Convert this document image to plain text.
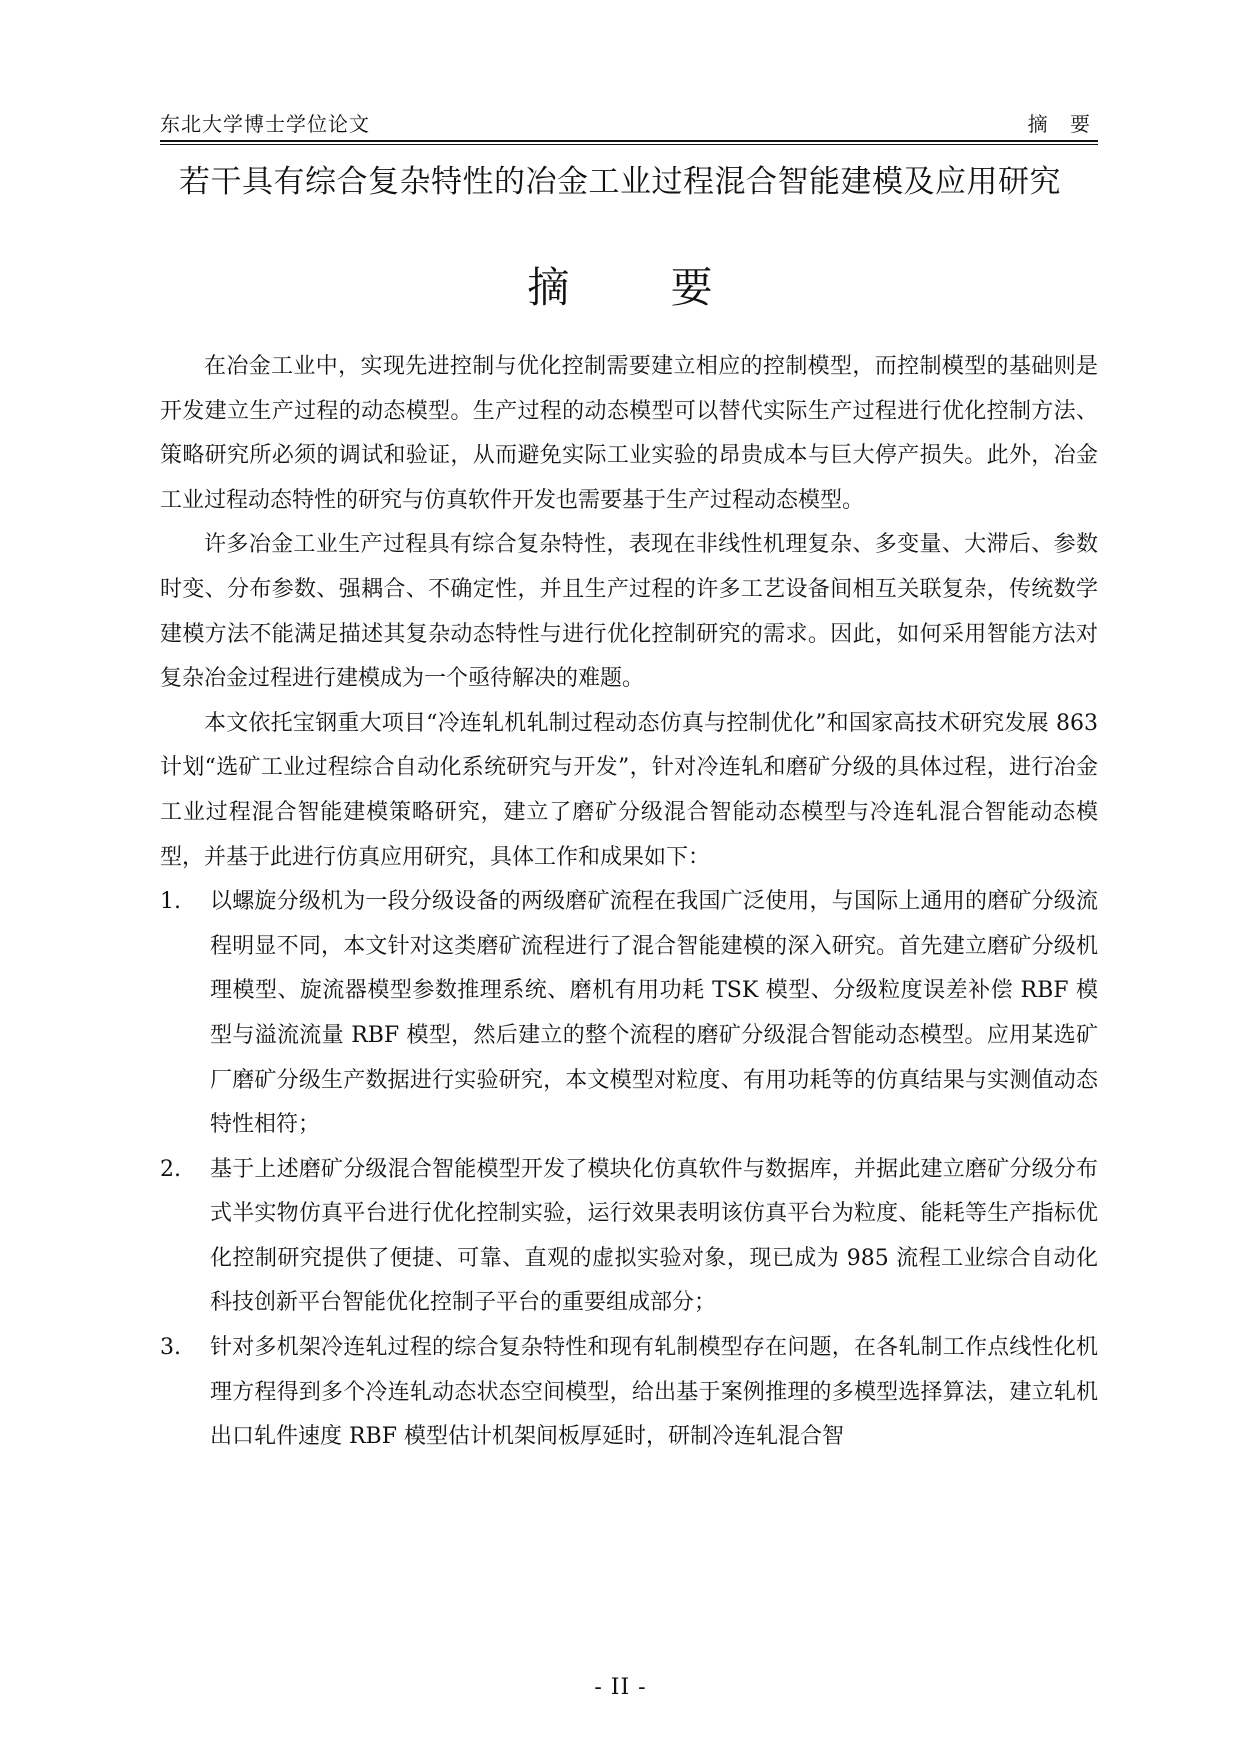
东北大学博士学位论文	摘 要
若干具有综合复杂特性的冶金工业过程混合智能建模及应用研究
摘 要

在冶金工业中，实现先进控制与优化控制需要建立相应的控制模型，而控制模型的基础则是开发建立生产过程的动态模型。生产过程的动态模型可以替代实际生产过程进行优化控制方法、策略研究所必须的调试和验证，从而避免实际工业实验的昂贵成本与巨大停产损失。此外，冶金工业过程动态特性的研究与仿真软件开发也需要基于生产过程动态模型。

许多冶金工业生产过程具有综合复杂特性，表现在非线性机理复杂、多变量、大滞后、参数时变、分布参数、强耦合、不确定性，并且生产过程的许多工艺设备间相互关联复杂，传统数学建模方法不能满足描述其复杂动态特性与进行优化控制研究的需求。因此，如何采用智能方法对复杂冶金过程进行建模成为一个亟待解决的难题。

本文依托宝钢重大项目“冷连轧机轧制过程动态仿真与控制优化”和国家高技术研究发展 863 计划“选矿工业过程综合自动化系统研究与开发”，针对冷连轧和磨矿分级的具体过程，进行冶金工业过程混合智能建模策略研究，建立了磨矿分级混合智能动态模型与冷连轧混合智能动态模型，并基于此进行仿真应用研究，具体工作和成果如下：

1.	以螺旋分级机为一段分级设备的两级磨矿流程在我国广泛使用，与国际上通用的磨矿分级流程明显不同，本文针对这类磨矿流程进行了混合智能建模的深入研究。首先建立磨矿分级机理模型、旋流器模型参数推理系统、磨机有用功耗 TSK 模型、分级粒度误差补偿 RBF 模型与溢流流量 RBF 模型，然后建立的整个流程的磨矿分级混合智能动态模型。应用某选矿厂磨矿分级生产数据进行实验研究，本文模型对粒度、有用功耗等的仿真结果与实测值动态特性相符；
2.	基于上述磨矿分级混合智能模型开发了模块化仿真软件与数据库，并据此建立磨矿分级分布式半实物仿真平台进行优化控制实验，运行效果表明该仿真平台为粒度、能耗等生产指标优化控制研究提供了便捷、可靠、直观的虚拟实验对象，现已成为 985 流程工业综合自动化科技创新平台智能优化控制子平台的重要组成部分；
3.	针对多机架冷连轧过程的综合复杂特性和现有轧制模型存在问题，在各轧制工作点线性化机理方程得到多个冷连轧动态状态空间模型，给出基于案例推理的多模型选择算法，建立轧机出口轧件速度 RBF 模型估计机架间板厚延时，研制冷连轧混合智
- II -
